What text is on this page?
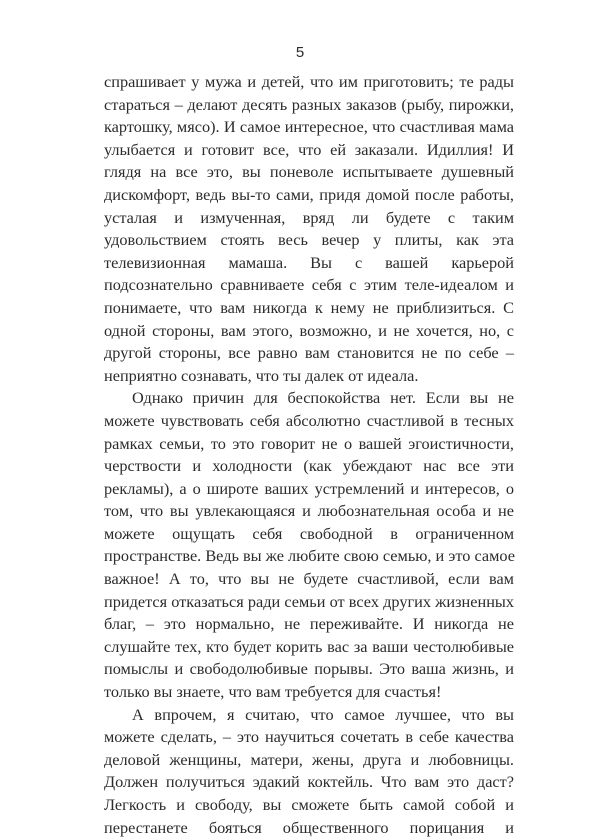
5
спрашивает у мужа и детей, что им приготовить; те рады
стараться – делают десять разных заказов (рыбу, пирожки,
картошку, мясо). И самое интересное, что счастливая мама
улыбается и готовит все, что ей заказали. Идиллия! И
глядя на все это, вы поневоле испытываете душевный
дискомфорт, ведь вы-то сами, придя домой после работы,
усталая и измученная, вряд ли будете с таким
удовольствием стоять весь вечер у плиты, как эта
телевизионная мамаша. Вы с вашей карьерой
подсознательно сравниваете себя с этим теле-идеалом и
понимаете, что вам никогда к нему не приблизиться. С
одной стороны, вам этого, возможно, и не хочется, но, с
другой стороны, все равно вам становится не по себе –
неприятно сознавать, что ты далек от идеала.
Однако причин для беспокойства нет. Если вы не
можете чувствовать себя абсолютно счастливой в тесных
рамках семьи, то это говорит не о вашей эгоистичности,
черствости и холодности (как убеждают нас все эти
рекламы), а о широте ваших устремлений и интересов, о
том, что вы увлекающаяся и любознательная особа и не
можете ощущать себя свободной в ограниченном
пространстве. Ведь вы же любите свою семью, и это самое
важное! А то, что вы не будете счастливой, если вам
придется отказаться ради семьи от всех других жизненных
благ, – это нормально, не переживайте. И никогда не
слушайте тех, кто будет корить вас за ваши честолюбивые
помыслы и свободолюбивые порывы. Это ваша жизнь, и
только вы знаете, что вам требуется для счастья!
А впрочем, я считаю, что самое лучшее, что вы
можете сделать, – это научиться сочетать в себе качества
деловой женщины, матери, жены, друга и любовницы.
Должен получиться эдакий коктейль. Что вам это даст?
Легкость и свободу, вы сможете быть самой собой и
перестанете бояться общественного порицания и
